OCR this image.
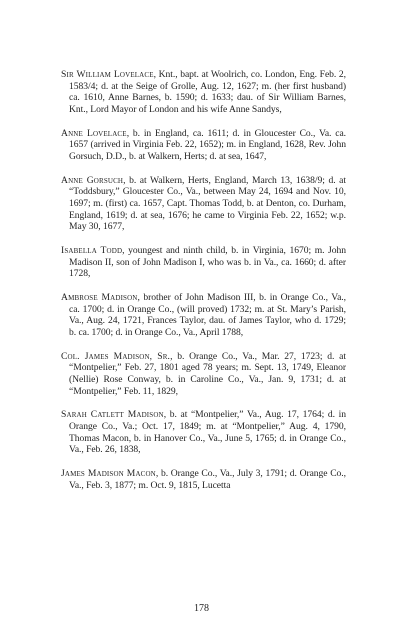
Sir William Lovelace, Knt., bapt. at Woolrich, co. London, Eng. Feb. 2, 1583/4; d. at the Seige of Grolle, Aug. 12, 1627; m. (her first husband) ca. 1610, Anne Barnes, b. 1590; d. 1633; dau. of Sir William Barnes, Knt., Lord Mayor of London and his wife Anne Sandys,

Anne Lovelace, b. in England, ca. 1611; d. in Gloucester Co., Va. ca. 1657 (arrived in Virginia Feb. 22, 1652); m. in England, 1628, Rev. John Gorsuch, D.D., b. at Walkern, Herts; d. at sea, 1647,

Anne Gorsuch, b. at Walkern, Herts, England, March 13, 1638/9; d. at “Toddsbury,” Gloucester Co., Va., between May 24, 1694 and Nov. 10, 1697; m. (first) ca. 1657, Capt. Thomas Todd, b. at Denton, co. Durham, England, 1619; d. at sea, 1676; he came to Virginia Feb. 22, 1652; w.p. May 30, 1677,

Isabella Todd, youngest and ninth child, b. in Virginia, 1670; m. John Madison II, son of John Madison I, who was b. in Va., ca. 1660; d. after 1728,

Ambrose Madison, brother of John Madison III, b. in Orange Co., Va., ca. 1700; d. in Orange Co., (will proved) 1732; m. at St. Mary’s Parish, Va., Aug. 24, 1721, Frances Taylor, dau. of James Taylor, who d. 1729; b. ca. 1700; d. in Orange Co., Va., April 1788,

Col. James Madison, Sr., b. Orange Co., Va., Mar. 27, 1723; d. at “Montpelier,” Feb. 27, 1801 aged 78 years; m. Sept. 13, 1749, Eleanor (Nellie) Rose Conway, b. in Caroline Co., Va., Jan. 9, 1731; d. at “Montpelier,” Feb. 11, 1829,

Sarah Catlett Madison, b. at “Montpelier,” Va., Aug. 17, 1764; d. in Orange Co., Va.; Oct. 17, 1849; m. at “Montpelier,” Aug. 4, 1790, Thomas Macon, b. in Hanover Co., Va., June 5, 1765; d. in Orange Co., Va., Feb. 26, 1838,

James Madison Macon, b. Orange Co., Va., July 3, 1791; d. Orange Co., Va., Feb. 3, 1877; m. Oct. 9, 1815, Lucetta

178
